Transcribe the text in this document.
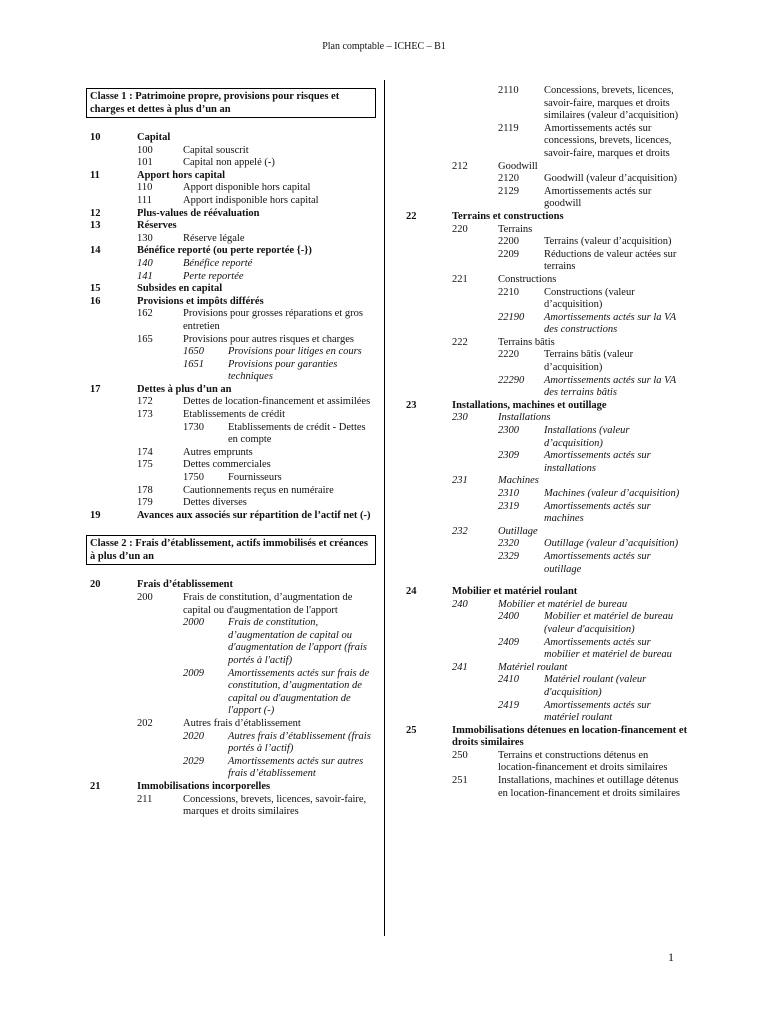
Plan comptable – ICHEC – B1
Classe 1 : Patrimoine propre, provisions pour risques et charges et dettes à plus d’un an
10	Capital
100	Capital souscrit
101	Capital non appelé (-)
11	Apport hors capital
110	Apport disponible hors capital
111	Apport indisponible hors capital
12	Plus-values de réévaluation
13	Réserves
130	Réserve légale
14	Bénéfice reporté (ou perte reportée {-})
140	Bénéfice reporté
141	Perte reportée
15	Subsides en capital
16	Provisions et impôts différés
162	Provisions pour grosses réparations et gros entretien
165	Provisions pour autres risques et charges
1650	Provisions pour litiges en cours
1651	Provisions pour garanties techniques
17	Dettes à plus d’un an
172	Dettes de location-financement et assimilées
173	Etablissements de crédit
1730	Etablissements de crédit - Dettes en compte
174	Autres emprunts
175	Dettes commerciales
1750	Fournisseurs
178	Cautionnements reçus en numéraire
179	Dettes diverses
19	Avances aux associés sur répartition de l’actif net (-)
Classe 2 : Frais d’établissement, actifs immobilisés et créances à plus d’un an
20	Frais d’établissement
200	Frais de constitution, d’augmentation de capital ou d'augmentation de l'apport
2000	Frais de constitution, d’augmentation de capital ou d'augmentation de l'apport (frais portés à l'actif)
2009	Amortissements actés sur frais de constitution, d’augmentation de capital ou d'augmentation de l'apport (-)
202	Autres frais d’établissement
2020	Autres frais d’établissement (frais portés à l’actif)
2029	Amortissements actés sur autres frais d’établissement
21	Immobilisations incorporelles
211	Concessions, brevets, licences, savoir-faire, marques et droits similaires
2110	Concessions, brevets, licences, savoir-faire, marques et droits similaires (valeur d’acquisition)
2119	Amortissements actés sur concessions, brevets, licences, savoir-faire, marques et droits
212	Goodwill
2120	Goodwill (valeur d’acquisition)
2129	Amortissements actés sur goodwill
22	Terrains et constructions
220	Terrains
2200	Terrains (valeur d’acquisition)
2209	Réductions de valeur actées sur terrains
221	Constructions
2210	Constructions (valeur d’acquisition)
22190	Amortissements actés sur la VA des constructions
222	Terrains bâtis
2220	Terrains bâtis (valeur d’acquisition)
22290	Amortissements actés sur la VA des terrains bâtis
23	Installations, machines et outillage
230	Installations
2300	Installations (valeur d’acquisition)
2309	Amortissements actés sur installations
231	Machines
2310	Machines (valeur d’acquisition)
2319	Amortissements actés sur machines
232	Outillage
2320	Outillage (valeur d’acquisition)
2329	Amortissements actés sur outillage
24	Mobilier et matériel roulant
240	Mobilier et matériel de bureau
2400	Mobilier et matériel de bureau (valeur d'acquisition)
2409	Amortissements actés sur mobilier et matériel de bureau
241	Matériel roulant
2410	Matériel roulant (valeur d'acquisition)
2419	Amortissements actés sur matériel roulant
25	Immobilisations détenues en location-financement et droits similaires
250	Terrains et constructions détenus en location-financement et droits similaires
251	Installations, machines et outillage détenus en location-financement et droits similaires
1
